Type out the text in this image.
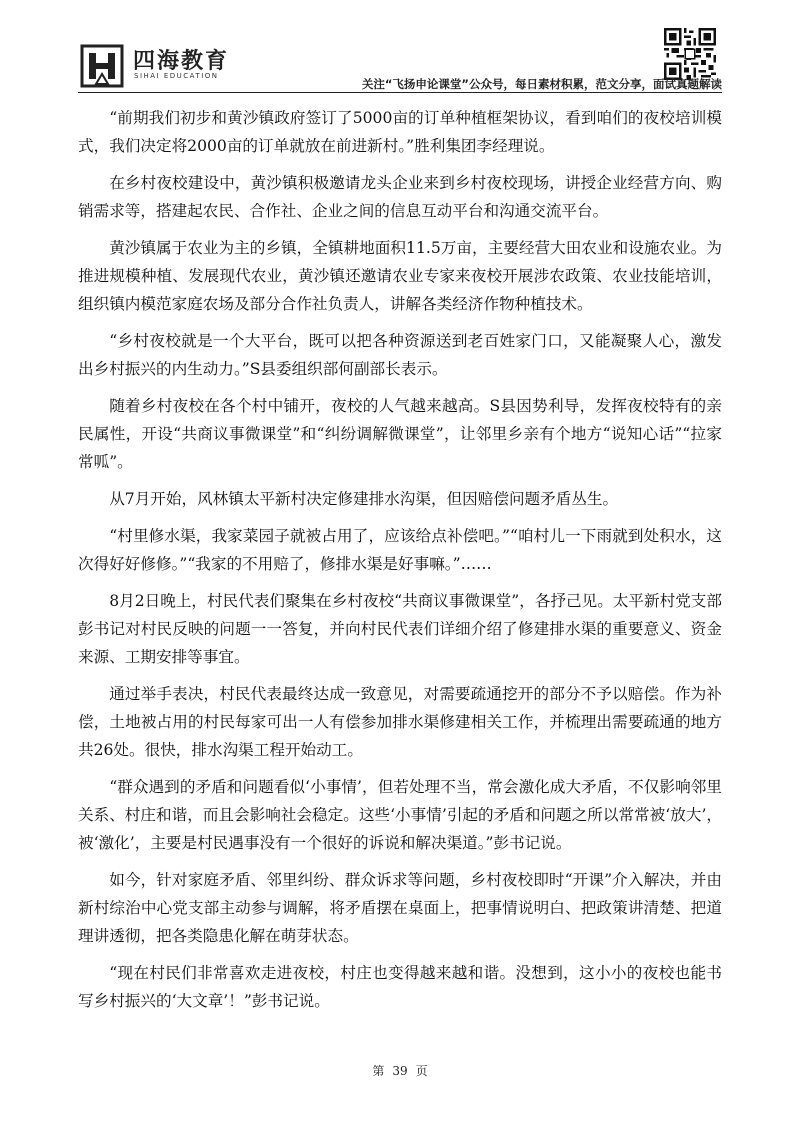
四海教育
SIHAI EDUCATION
关注“飞扬申论课堂”公众号，每日素材积累，范文分享，面试真题解读

“前期我们初步和黄沙镇政府签订了5000亩的订单种植框架协议，看到咱们的夜校培训模式，我们决定将2000亩的订单就放在前进新村。”胜利集团李经理说。

在乡村夜校建设中，黄沙镇积极邀请龙头企业来到乡村夜校现场，讲授企业经营方向、购销需求等，搭建起农民、合作社、企业之间的信息互动平台和沟通交流平台。

黄沙镇属于农业为主的乡镇，全镇耕地面积11.5万亩，主要经营大田农业和设施农业。为推进规模种植、发展现代农业，黄沙镇还邀请农业专家来夜校开展涉农政策、农业技能培训，组织镇内模范家庭农场及部分合作社负责人，讲解各类经济作物种植技术。

“乡村夜校就是一个大平台，既可以把各种资源送到老百姓家门口，又能凝聚人心，激发出乡村振兴的内生动力。”S县委组织部何副部长表示。

随着乡村夜校在各个村中铺开，夜校的人气越来越高。S县因势利导，发挥夜校特有的亲民属性，开设“共商议事微课堂”和“纠纷调解微课堂”，让邻里乡亲有个地方“说知心话”“拉家常呱”。

从7月开始，风林镇太平新村决定修建排水沟渠，但因赔偿问题矛盾丛生。

“村里修水渠，我家菜园子就被占用了，应该给点补偿吧。”“咱村儿一下雨就到处积水，这次得好好修修。”“我家的不用赔了，修排水渠是好事嘛。”……

8月2日晚上，村民代表们聚集在乡村夜校“共商议事微课堂”，各抒己见。太平新村党支部彭书记对村民反映的问题一一答复，并向村民代表们详细介绍了修建排水渠的重要意义、资金来源、工期安排等事宜。

通过举手表决，村民代表最终达成一致意见，对需要疏通挖开的部分不予以赔偿。作为补偿，土地被占用的村民每家可出一人有偿参加排水渠修建相关工作，并梳理出需要疏通的地方共26处。很快，排水沟渠工程开始动工。

“群众遇到的矛盾和问题看似‘小事情’，但若处理不当，常会激化成大矛盾，不仅影响邻里关系、村庄和谐，而且会影响社会稳定。这些‘小事情’引起的矛盾和问题之所以常常被‘放大’，被‘激化’，主要是村民遇事没有一个很好的诉说和解决渠道。”彭书记说。

如今，针对家庭矛盾、邻里纠纷、群众诉求等问题，乡村夜校即时“开课”介入解决，并由新村综治中心党支部主动参与调解，将矛盾摆在桌面上，把事情说明白、把政策讲清楚、把道理讲透彻，把各类隐患化解在萌芽状态。

“现在村民们非常喜欢走进夜校，村庄也变得越来越和谐。没想到，这小小的夜校也能书写乡村振兴的‘大文章’！”彭书记说。

第 39 页
